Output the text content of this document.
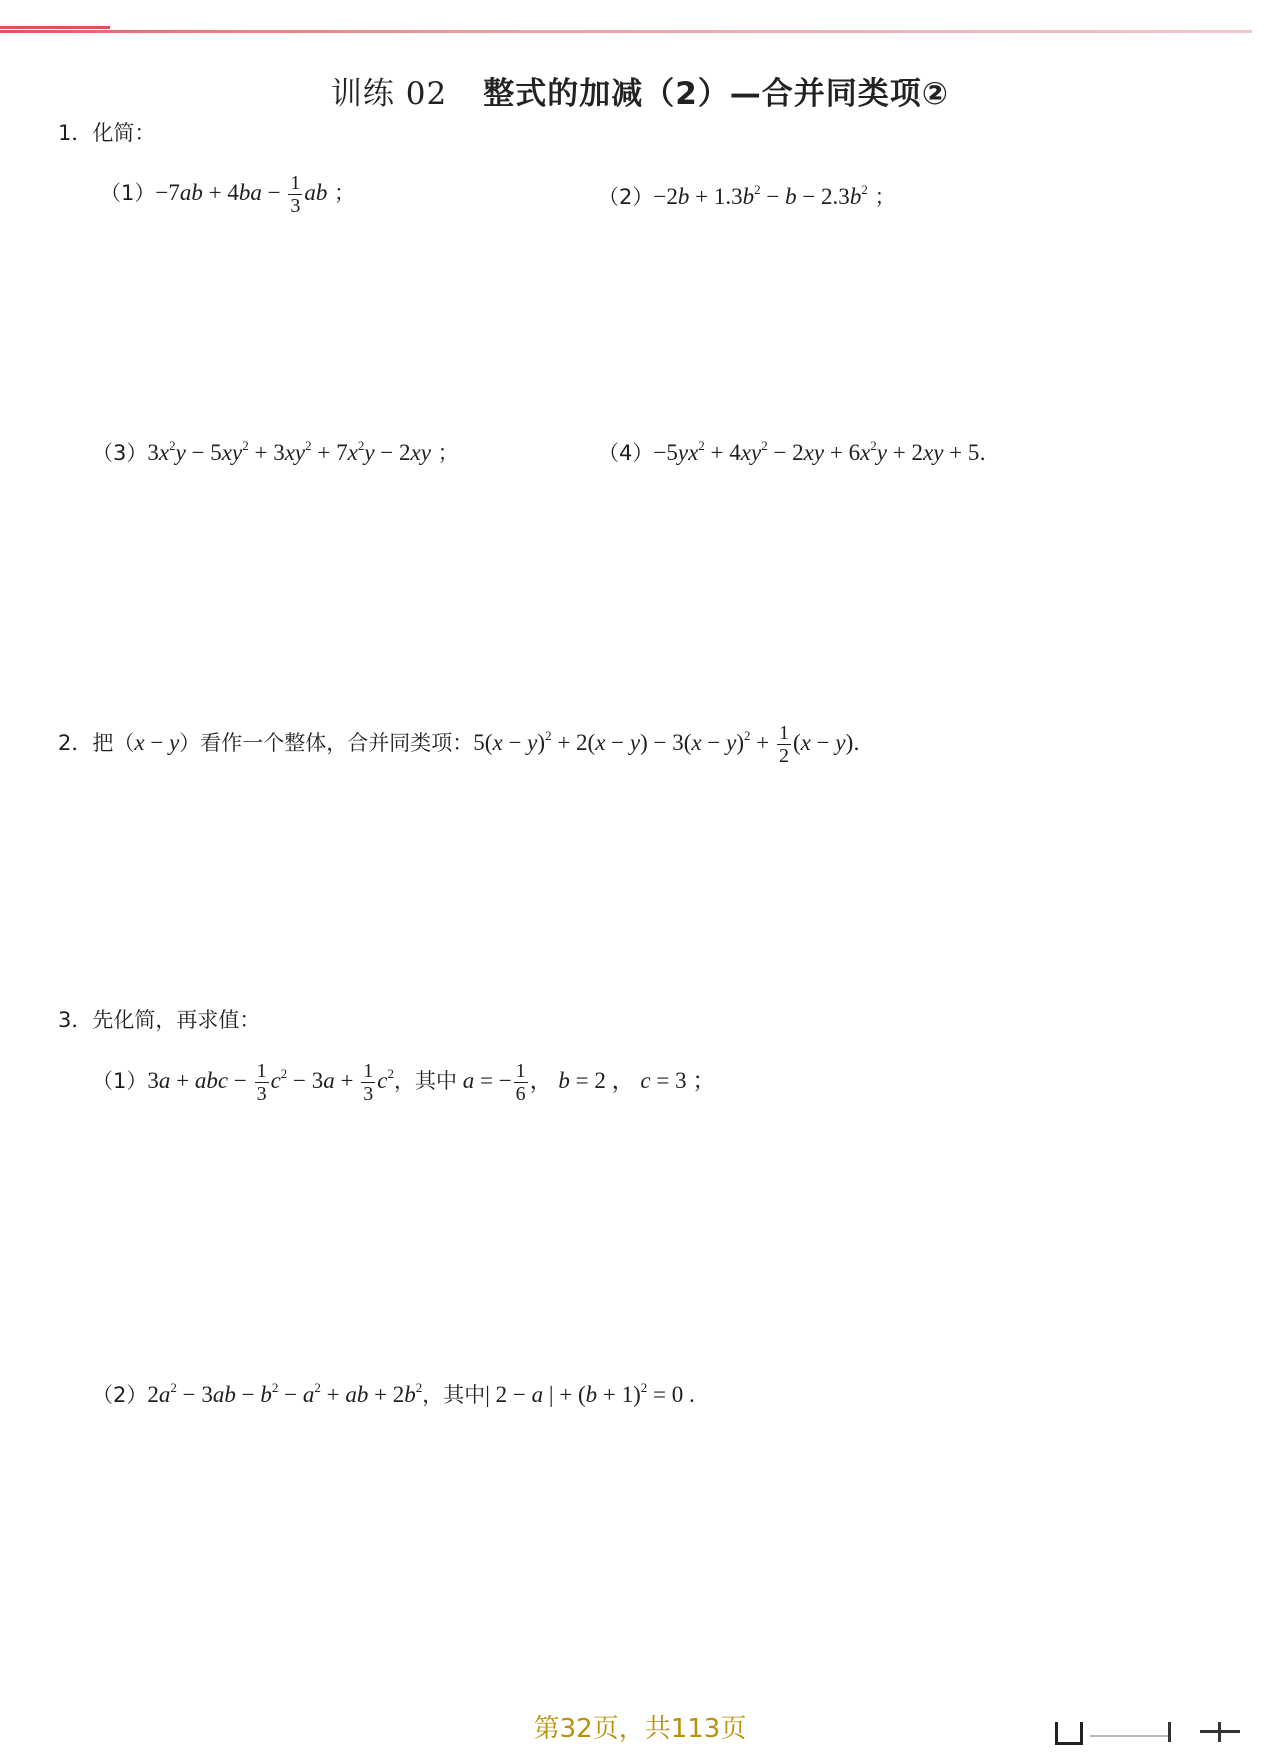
训练 02 整式的加减（2）—合并同类项②
1．化简：
$(1)-7ab + 4ba - \frac{1}{3}$ ab ；	$(2)-2b + 1.3b^2 - b - 2.3b^2$ ；
$(3)3x^2y - 5xy^2 + 3xy^2 + 7x^2y - 2xy$ ；	$(4)-5yx^2 + 4xy^2 - 2xy + 6x^2y + 2xy + 5$．
2．把（x − y）看作一个整体，合并同类项：$5(x - y)^2 + 2(x - y) - 3(x - y)^2 + \frac{1}{2} (x - y)$．
3．先化简，再求值：
（1）3a + abc − $\frac{1}{3} c^2 - 3a + \frac{1}{3} c^2$，其中 a = − $\frac{1}{6}$ ， b = 2 ， c = 3 ；
$(2)2a^2 - 3ab - b^2 - a^2$ + ab + $2b^2$，其中| 2 − a | + $(b + 1)^2 = 0$ .
第32页，共113页
